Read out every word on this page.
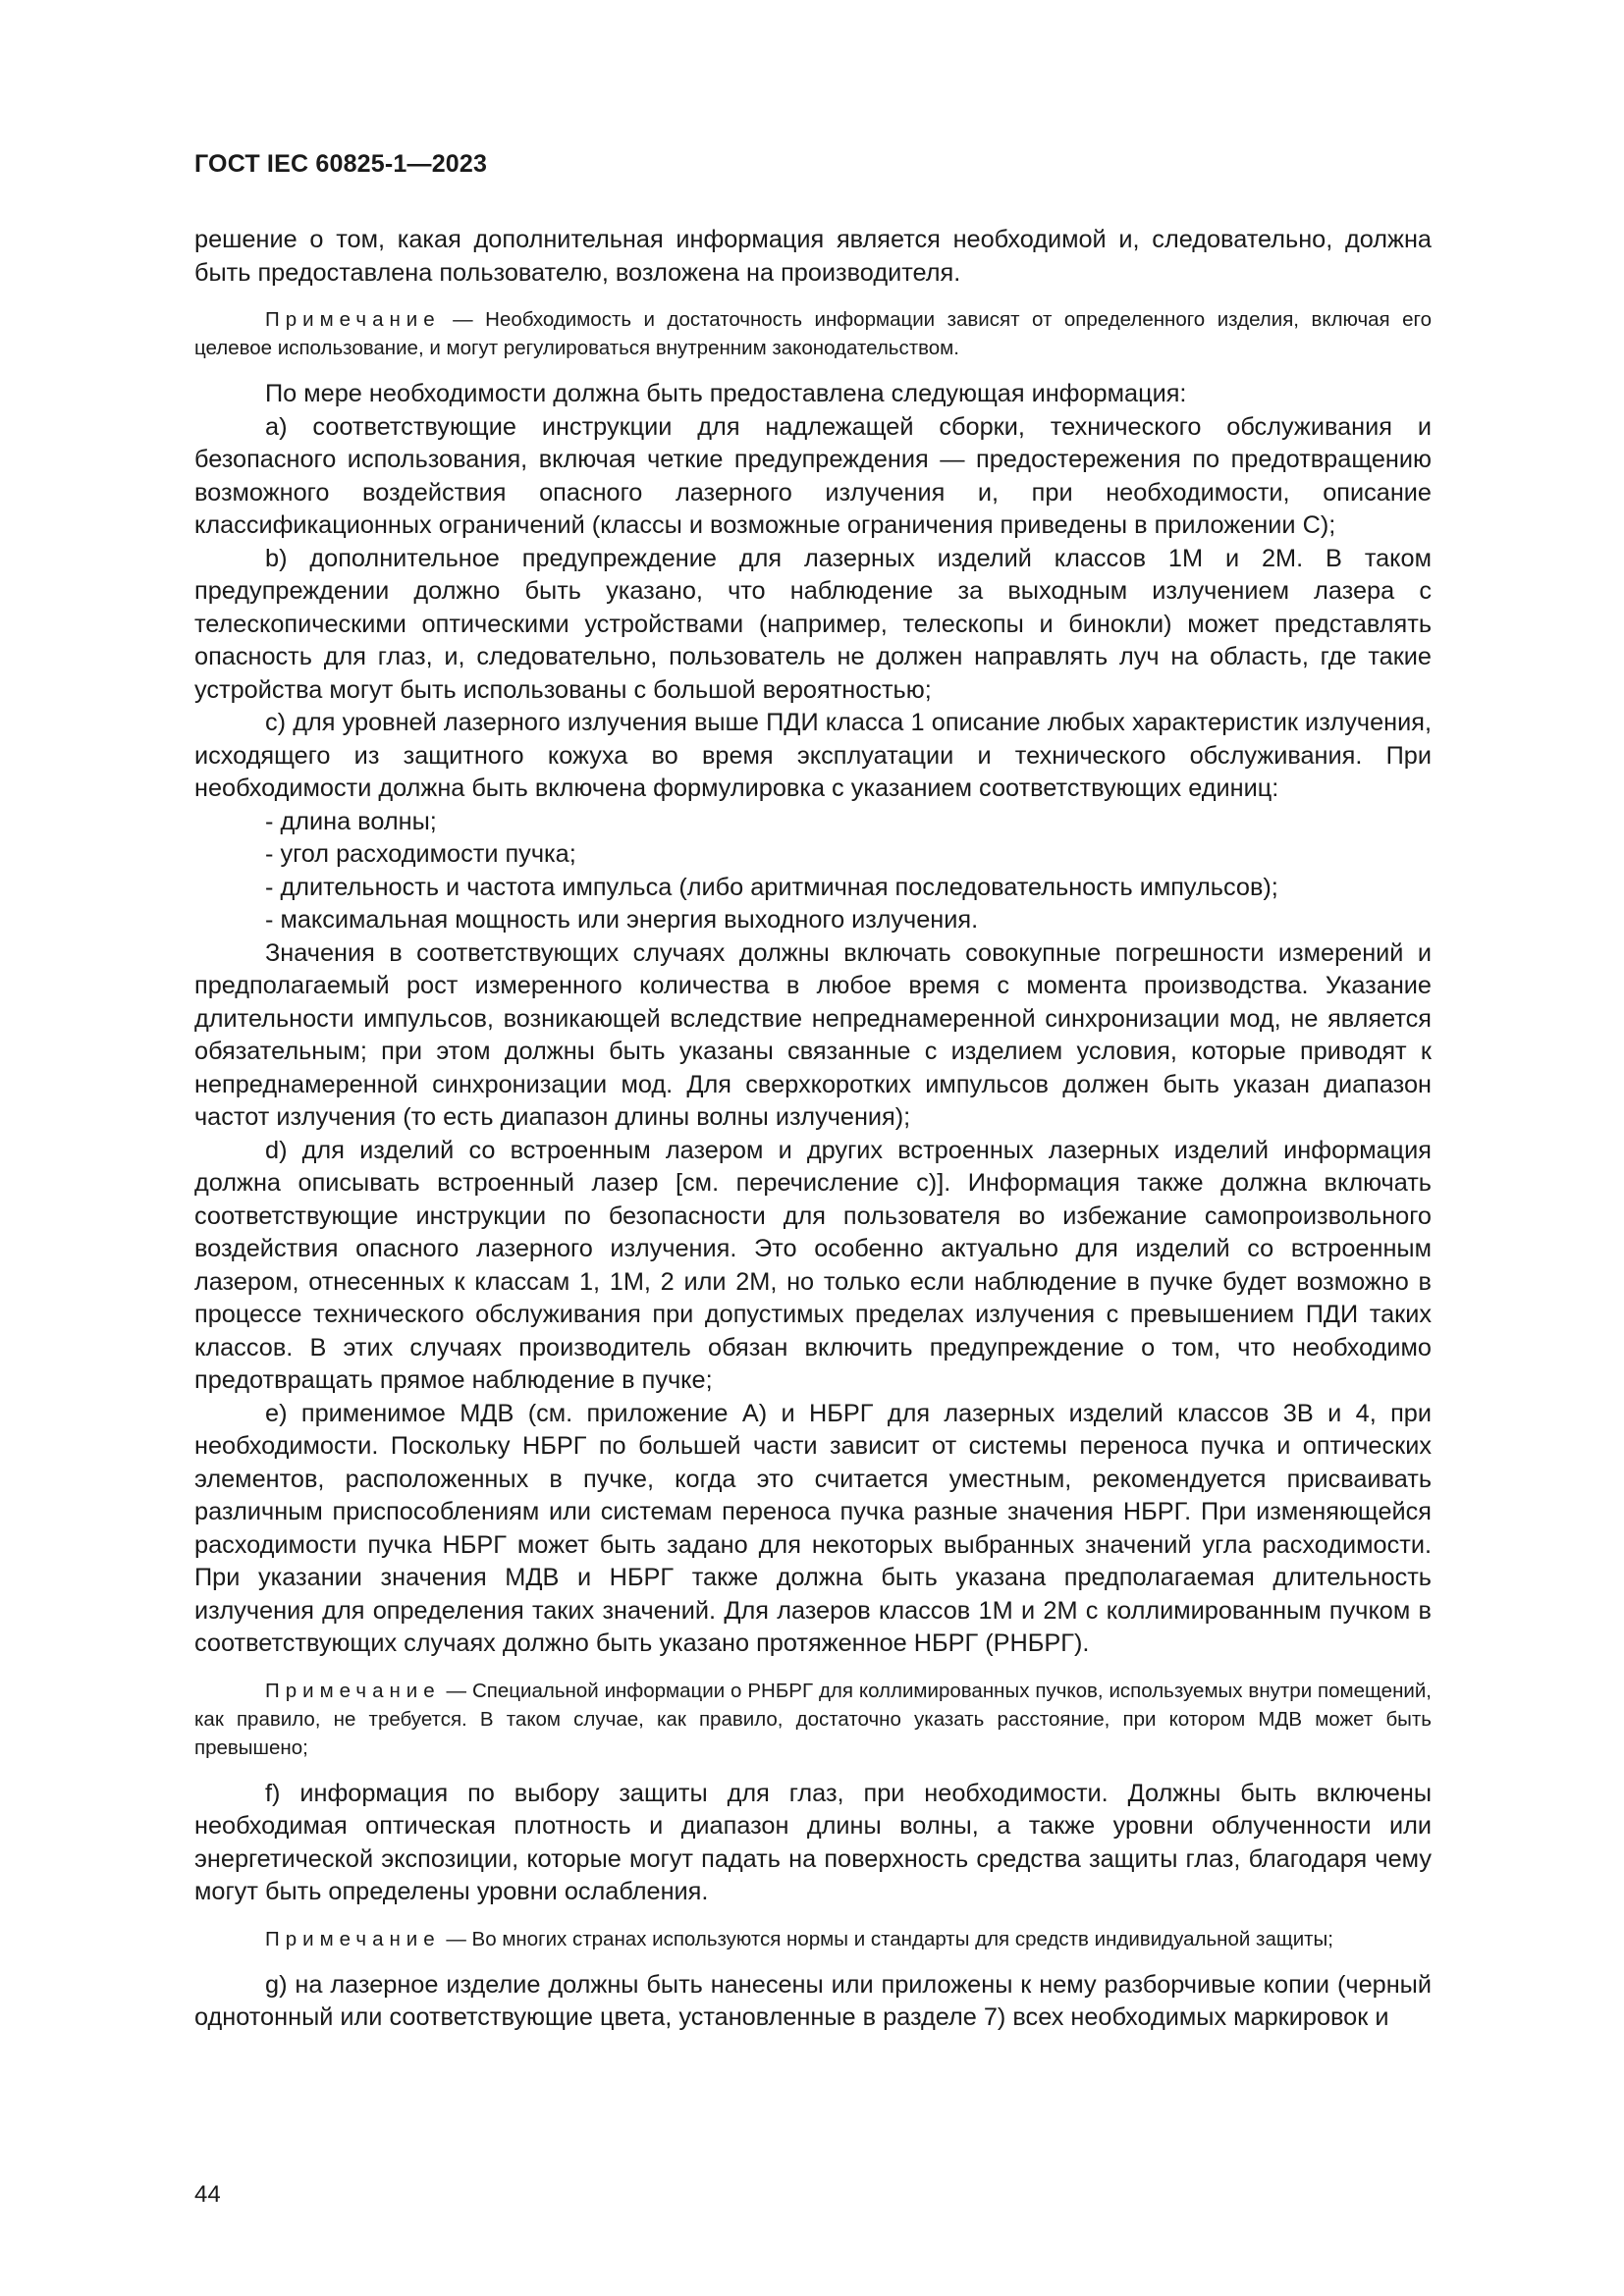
ГОСТ IEC 60825-1—2023

решение о том, какая дополнительная информация является необходимой и, следовательно, должна быть предоставлена пользователю, возложена на производителя.

Примечание — Необходимость и достаточность информации зависят от определенного изделия, включая его целевое использование, и могут регулироваться внутренним законодательством.

По мере необходимости должна быть предоставлена следующая информация:

а) соответствующие инструкции для надлежащей сборки, технического обслуживания и безопасного использования, включая четкие предупреждения — предостережения по предотвращению возможного воздействия опасного лазерного излучения и, при необходимости, описание классификационных ограничений (классы и возможные ограничения приведены в приложении С);

b) дополнительное предупреждение для лазерных изделий классов 1М и 2М. В таком предупреждении должно быть указано, что наблюдение за выходным излучением лазера с телескопическими оптическими устройствами (например, телескопы и бинокли) может представлять опасность для глаз, и, следовательно, пользователь не должен направлять луч на область, где такие устройства могут быть использованы с большой вероятностью;

с) для уровней лазерного излучения выше ПДИ класса 1 описание любых характеристик излучения, исходящего из защитного кожуха во время эксплуатации и технического обслуживания. При необходимости должна быть включена формулировка с указанием соответствующих единиц:

- длина волны;

- угол расходимости пучка;

- длительность и частота импульса (либо аритмичная последовательность импульсов);

- максимальная мощность или энергия выходного излучения.

Значения в соответствующих случаях должны включать совокупные погрешности измерений и предполагаемый рост измеренного количества в любое время с момента производства. Указание длительности импульсов, возникающей вследствие непреднамеренной синхронизации мод, не является обязательным; при этом должны быть указаны связанные с изделием условия, которые приводят к непреднамеренной синхронизации мод. Для сверхкоротких импульсов должен быть указан диапазон частот излучения (то есть диапазон длины волны излучения);

d) для изделий со встроенным лазером и других встроенных лазерных изделий информация должна описывать встроенный лазер [см. перечисление с)]. Информация также должна включать соответствующие инструкции по безопасности для пользователя во избежание самопроизвольного воздействия опасного лазерного излучения. Это особенно актуально для изделий со встроенным лазером, отнесенных к классам 1, 1М, 2 или 2М, но только если наблюдение в пучке будет возможно в процессе технического обслуживания при допустимых пределах излучения с превышением ПДИ таких классов. В этих случаях производитель обязан включить предупреждение о том, что необходимо предотвращать прямое наблюдение в пучке;

е) применимое МДВ (см. приложение А) и НБРГ для лазерных изделий классов 3В и 4, при необходимости. Поскольку НБРГ по большей части зависит от системы переноса пучка и оптических элементов, расположенных в пучке, когда это считается уместным, рекомендуется присваивать различным приспособлениям или системам переноса пучка разные значения НБРГ. При изменяющейся расходимости пучка НБРГ может быть задано для некоторых выбранных значений угла расходимости. При указании значения МДВ и НБРГ также должна быть указана предполагаемая длительность излучения для определения таких значений. Для лазеров классов 1М и 2М с коллимированным пучком в соответствующих случаях должно быть указано протяженное НБРГ (РНБРГ).

Примечание — Специальной информации о РНБРГ для коллимированных пучков, используемых внутри помещений, как правило, не требуется. В таком случае, как правило, достаточно указать расстояние, при котором МДВ может быть превышено;

f) информация по выбору защиты для глаз, при необходимости. Должны быть включены необходимая оптическая плотность и диапазон длины волны, а также уровни облученности или энергетической экспозиции, которые могут падать на поверхность средства защиты глаз, благодаря чему могут быть определены уровни ослабления.

Примечание — Во многих странах используются нормы и стандарты для средств индивидуальной защиты;

g) на лазерное изделие должны быть нанесены или приложены к нему разборчивые копии (черный однотонный или соответствующие цвета, установленные в разделе 7) всех необходимых маркировок и

44
